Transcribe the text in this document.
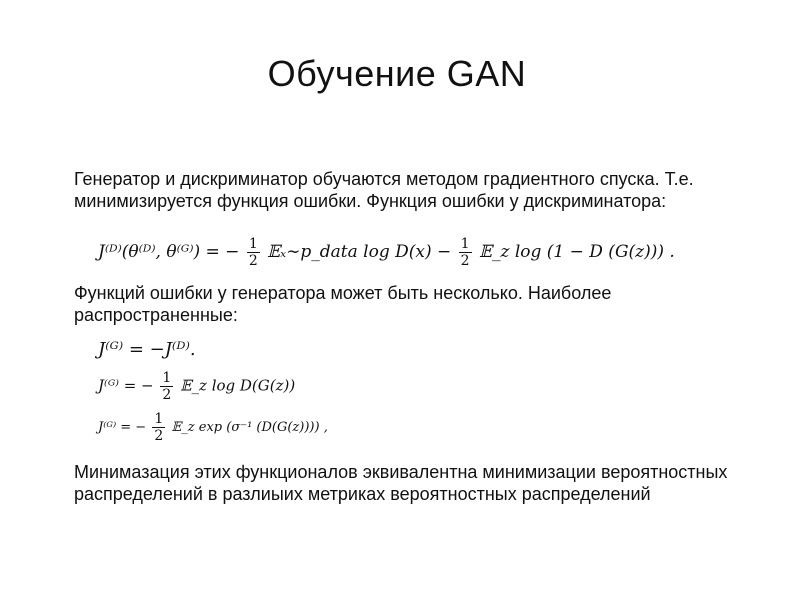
Обучение GAN
Генератор и дискриминатор обучаются методом градиентного спуска. Т.е. минимизируется функция ошибки. Функция ошибки у дискриминатора:
J⁽ᴰ⁾(θ⁽ᴰ⁾, θ⁽ᴳ⁾) = − $\frac{1}{2}$ 𝔼ₓ∼p_data $\log D(x) - \frac{1}{2}$ 𝔼_z log (1 − D (G(z))) .
Функций ошибки у генератора может быть несколько. Наиболее распространенные:
J⁽ᴳ⁾ = −J⁽ᴰ⁾.
J⁽ᴳ⁾ = − $\frac{1}{2}$ 𝔼_z log D(G(z))
J⁽ᴳ⁾ = − $\frac{1}{2}$ 𝔼_z exp (σ⁻¹ (D(G(z)))) ,
Минимазация этих функционалов эквивалентна минимизации вероятностных распределений в разлиыих метриках вероятностных распределений
